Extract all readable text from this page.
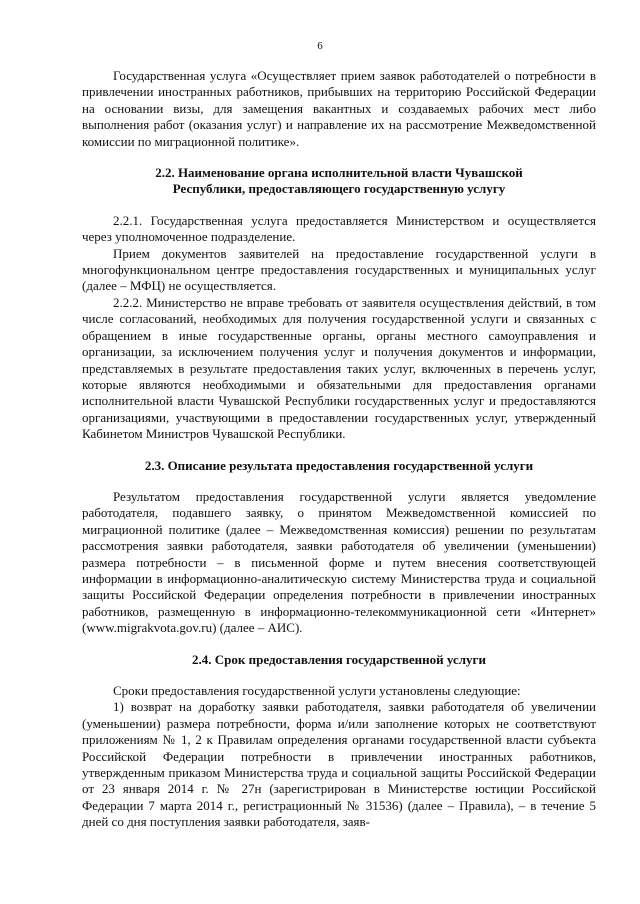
6

Государственная услуга «Осуществляет прием заявок работодателей о потребности в привлечении иностранных работников, прибывших на территорию Российской Федерации на основании визы, для замещения вакантных и создаваемых рабочих мест либо выполнения работ (оказания услуг) и направление их на рассмотрение Межведомственной комиссии по миграционной политике».

2.2. Наименование органа исполнительной власти Чувашской Республики, предоставляющего государственную услугу

2.2.1. Государственная услуга предоставляется Министерством и осуществляется через уполномоченное подразделение.

Прием документов заявителей на предоставление государственной услуги в многофункциональном центре предоставления государственных и муниципальных услуг (далее – МФЦ) не осуществляется.

2.2.2. Министерство не вправе требовать от заявителя осуществления действий, в том числе согласований, необходимых для получения государственной услуги и связанных с обращением в иные государственные органы, органы местного самоуправления и организации, за исключением получения услуг и получения документов и информации, представляемых в результате предоставления таких услуг, включенных в перечень услуг, которые являются необходимыми и обязательными для предоставления органами исполнительной власти Чувашской Республики государственных услуг и предоставляются организациями, участвующими в предоставлении государственных услуг, утвержденный Кабинетом Министров Чувашской Республики.

2.3. Описание результата предоставления государственной услуги

Результатом предоставления государственной услуги является уведомление работодателя, подавшего заявку, о принятом Межведомственной комиссией по миграционной политике (далее – Межведомственная комиссия) решении по результатам рассмотрения заявки работодателя, заявки работодателя об увеличении (уменьшении) размера потребности – в письменной форме и путем внесения соответствующей информации в информационно-аналитическую систему Министерства труда и социальной защиты Российской Федерации определения потребности в привлечении иностранных работников, размещенную в информационно-телекоммуникационной сети «Интернет» (www.migrakvota.gov.ru) (далее – АИС).

2.4. Срок предоставления государственной услуги

Сроки предоставления государственной услуги установлены следующие:

1) возврат на доработку заявки работодателя, заявки работодателя об увеличении (уменьшении) размера потребности, форма и/или заполнение которых не соответствуют приложениям № 1, 2 к Правилам определения органами государственной власти субъекта Российской Федерации потребности в привлечении иностранных работников, утвержденным приказом Министерства труда и социальной защиты Российской Федерации от 23 января 2014 г. № 27н (зарегистрирован в Министерстве юстиции Российской Федерации 7 марта 2014 г., регистрационный № 31536) (далее – Правила), – в течение 5 дней со дня поступления заявки работодателя, заяв-
